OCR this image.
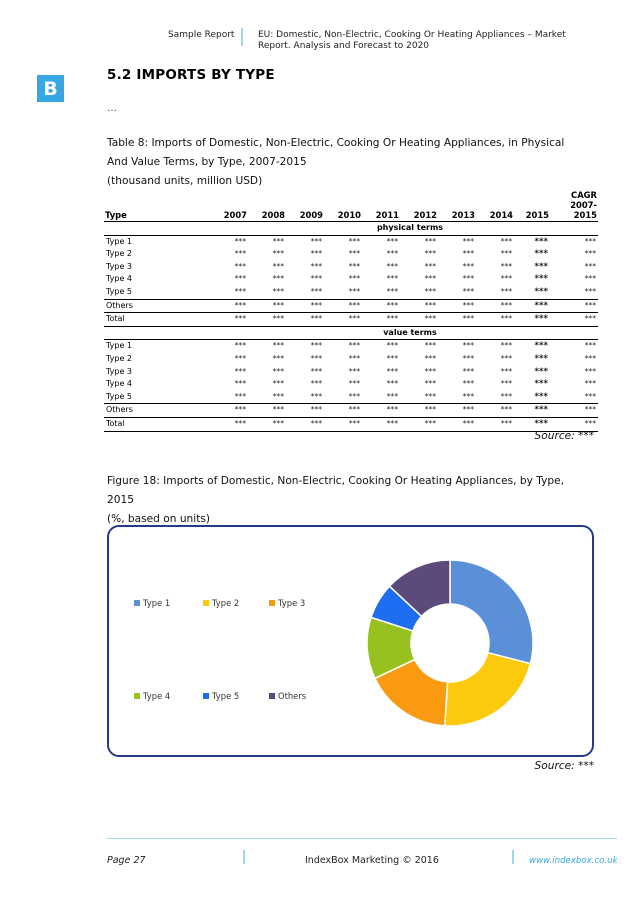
Sample Report	EU: Domestic, Non-Electric, Cooking Or Heating Appliances – Market
Report. Analysis and Forecast to 2020
B
5.2 IMPORTS BY TYPE
…
Table 8: Imports of Domestic, Non-Electric, Cooking Or Heating Appliances, in Physical
And Value Terms, by Type, 2007-2015
(thousand units, million USD)
Type	2007	2008	2009	2010	2011	2012	2013	2014	2015	CAGR
2007-
2015

physical terms										
Type 1	***	***	***	***	***	***	***	***	***	***
Type 2	***	***	***	***	***	***	***	***	***	***
Type 3	***	***	***	***	***	***	***	***	***	***
Type 4	***	***	***	***	***	***	***	***	***	***
Type 5	***	***	***	***	***	***	***	***	***	***
Others	***	***	***	***	***	***	***	***	***	***
Total	***	***	***	***	***	***	***	***	***	***
value terms										
Type 1	***	***	***	***	***	***	***	***	***	***
Type 2	***	***	***	***	***	***	***	***	***	***
Type 3	***	***	***	***	***	***	***	***	***	***
Type 4	***	***	***	***	***	***	***	***	***	***
Type 5	***	***	***	***	***	***	***	***	***	***
Others	***	***	***	***	***	***	***	***	***	***
Total	***	***	***	***	***	***	***	***	***	***
Source: ***
Figure 18: Imports of Domestic, Non-Electric, Cooking Or Heating Appliances, by Type,
2015
(%, based on units)
Type 1	Type 2	Type 3
Type 4	Type 5	Others
Source: ***
Page 27	IndexBox Marketing © 2016	www.indexbox.co.uk
